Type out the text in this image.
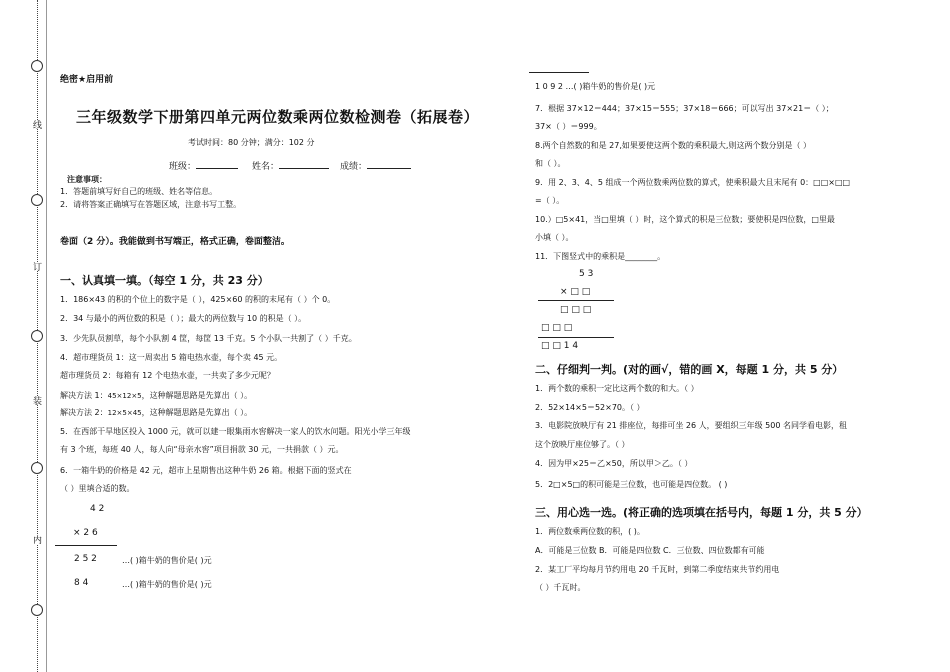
线
订
装
内
绝密★启用前
三年级数学下册第四单元两位数乘两位数检测卷（拓展卷）
考试时间：80 分钟；满分：102 分
班级：	姓名：	成绩：
注意事项：
1．答题前填写好自己的班级、姓名等信息。
2．请将答案正确填写在答题区域，注意书写工整。
卷面（2 分）。我能做到书写端正，格式正确，卷面整洁。
一、认真填一填。（每空 1 分，共 23 分）
1．186×43 的积的个位上的数字是（ ），425×60 的积的末尾有（ ）个 0。
2．34 与最小的两位数的积是（ ）；最大的两位数与 10 的积是（ ）。
3．少先队员割草，每个小队割 4 筐，每筐 13 千克。5 个小队一共割了（ ）千克。
4．超市理货员 1：这一周卖出 5 箱电热水壶，每个卖 45 元。
超市理货员 2：每箱有 12 个电热水壶，一共卖了多少元呢？
解决方法 1：45×12×5，这种解题思路是先算出（ ）。
解决方法 2：12×5×45，这种解题思路是先算出（ ）。
5．在西部干旱地区投入 1000 元，就可以建一眼集雨水窖解决一家人的饮水问题。阳光小学三年级
有 3 个班，每班 40 人，每人向“母亲水窖”项目捐款 30 元，一共捐款（ ）元。
6．一箱牛奶的价格是 42 元，超市上星期售出这种牛奶 26 箱。根据下面的竖式在
（ ）里填合适的数。
4 2
× 2 6
2 5 2	…( )箱牛奶的售价是( )元
8 4	…( )箱牛奶的售价是( )元
1 0 9 2 …( )箱牛奶的售价是( )元
7．根据 37×12＝444；37×15＝555；37×18＝666；可以写出 37×21＝（ ）；
37×（ ）＝999。
8.两个自然数的和是 27,如果要使这两个数的乘积最大,则这两个数分别是（ ）
和（ ）。
9．用 2、3、4、5 组成一个两位数乘两位数的算式，使乘积最大且末尾有 0：□□×□□
=（ ）。
10.）□5×41，当□里填（ ）时，这个算式的积是三位数；要使积是四位数，□里最
小填（ ）。
11．下图竖式中的乘积是________。
5 3
× □ □
□ □ □
□ □ □
□ □ 1 4
二、仔细判一判。(对的画√，错的画 X，每题 1 分，共 5 分）
1．两个数的乘积一定比这两个数的和大。（ ）
2．52×14×5＝52×70。（ ）
3．电影院放映厅有 21 排座位，每排可坐 26 人，要组织三年级 500 名同学看电影，租
这个放映厅座位够了。（ ）
4．因为甲×25＝乙×50，所以甲＞乙。（ ）
5．2□×5□的积可能是三位数，也可能是四位数。 ( )
三、用心选一选。(将正确的选项填在括号内，每题 1 分，共 5 分）
1．两位数乘两位数的积，( )。
A．可能是三位数 B．可能是四位数 C．三位数、四位数都有可能
2．某工厂平均每月节约用电 20 千瓦时，到第二季度结束共节约用电
（ ）千瓦时。
